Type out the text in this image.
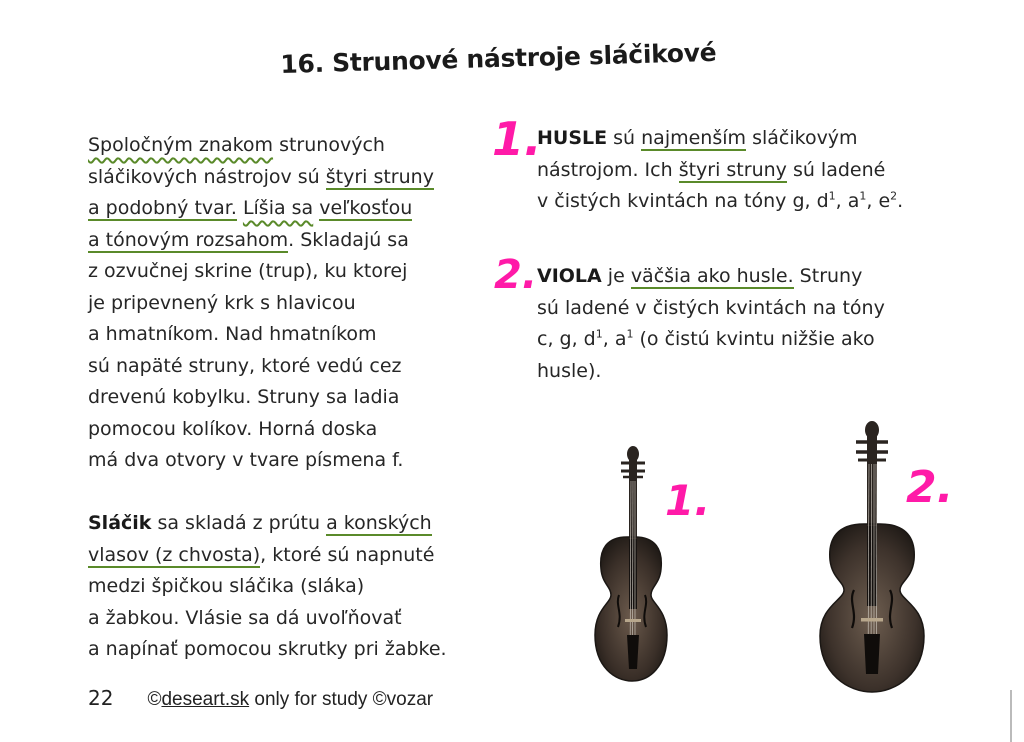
16. Strunové nástroje sláčikové
Spoločným znakom strunových
sláčikových nástrojov sú štyri struny
a podobný tvar. Líšia sa veľkosťou
a tónovým rozsahom. Skladajú sa
z ozvučnej skrine (trup), ku ktorej
je pripevnený krk s hlavicou
a hmatníkom. Nad hmatníkom
sú napäté struny, ktoré vedú cez
drevenú kobylku. Struny sa ladia
pomocou kolíkov. Horná doska
má dva otvory v tvare písmena f.
Sláčik sa skladá z prútu a konských
vlasov (z chvosta), ktoré sú napnuté
medzi špičkou sláčika (sláka)
a žabkou. Vlásie sa dá uvoľňovať
a napínať pomocou skrutky pri žabke.
1.
2.
HUSLE sú najmenším sláčikovým
nástrojom. Ich štyri struny sú ladené
v čistých kvintách na tóny g, $d^1$, $a^1$, $e^2$.
VIOLA je väčšia ako husle. Struny
sú ladené v čistých kvintách na tóny
c, g, $d^1$, $a^1$ (o čistú kvintu nižšie ako
husle).
1.	2.
22 ©deseart.sk only for study ©vozar
